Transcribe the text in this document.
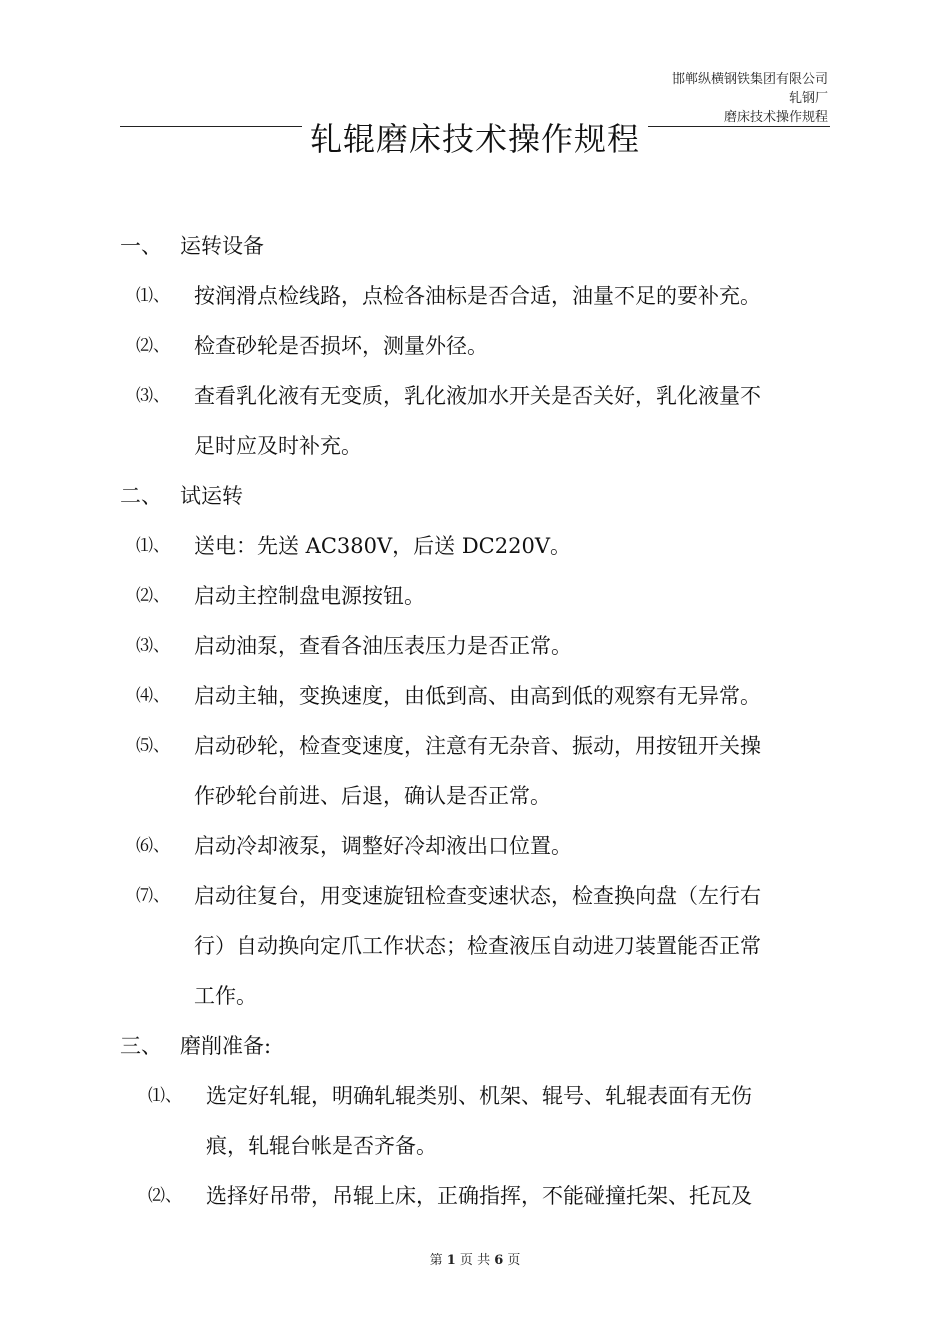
邯郸纵横钢铁集团有限公司
轧钢厂
磨床技术操作规程
轧辊磨床技术操作规程
一、 运转设备
⑴、 按润滑点检线路，点检各油标是否合适，油量不足的要补充。
⑵、 检查砂轮是否损坏，测量外径。
⑶、 查看乳化液有无变质，乳化液加水开关是否关好，乳化液量不
足时应及时补充。
二、 试运转
⑴、 送电：先送 AC380V，后送 DC220V。
⑵、 启动主控制盘电源按钮。
⑶、 启动油泵，查看各油压表压力是否正常。
⑷、 启动主轴，变换速度，由低到高、由高到低的观察有无异常。
⑸、 启动砂轮，检查变速度，注意有无杂音、振动，用按钮开关操
作砂轮台前进、后退，确认是否正常。
⑹、 启动冷却液泵，调整好冷却液出口位置。
⑺、 启动往复台，用变速旋钮检查变速状态，检查换向盘（左行右
行）自动换向定爪工作状态；检查液压自动进刀装置能否正常
工作。
三、 磨削准备:
⑴、 选定好轧辊，明确轧辊类别、机架、辊号、轧辊表面有无伤
痕，轧辊台帐是否齐备。
⑵、 选择好吊带，吊辊上床，正确指挥，不能碰撞托架、托瓦及
第 1 页 共 6 页
